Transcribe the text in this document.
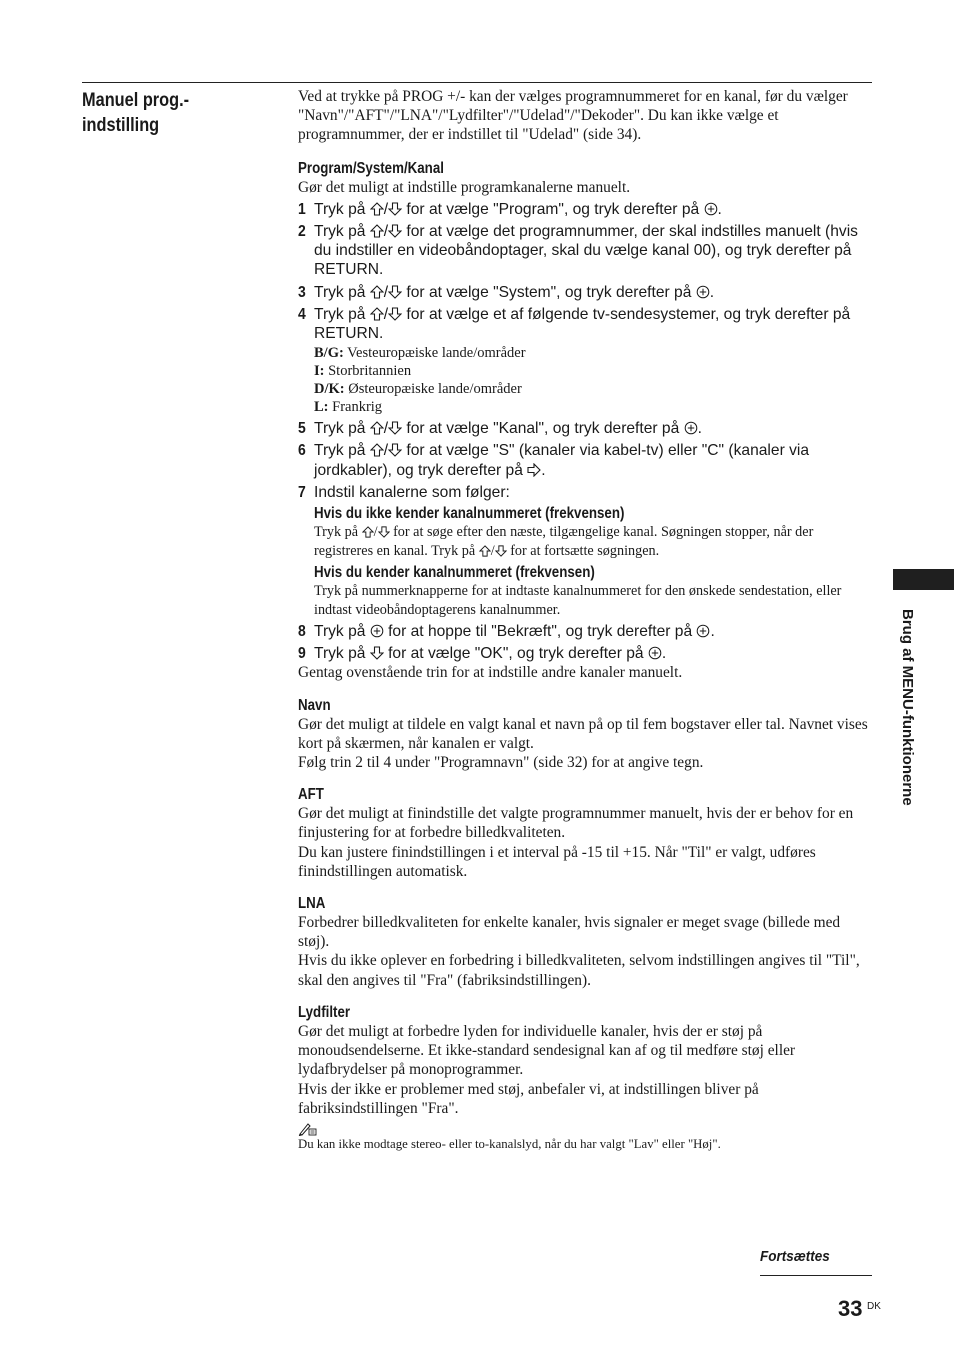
Manuel prog.-
indstilling

Ved at trykke på PROG +/- kan der vælges programnummeret for en kanal, før du vælger "Navn"/"AFT"/"LNA"/"Lydfilter"/"Udelad"/"Dekoder". Du kan ikke vælge et programnummer, der er indstillet til "Udelad" (side 34).

Program/System/Kanal

Gør det muligt at indstille programkanalerne manuelt.

1 Tryk på / for at vælge "Program", og tryk derefter på .
2 Tryk på / for at vælge det programnummer, der skal indstilles manuelt (hvis du indstiller en videobåndoptager, skal du vælge kanal 00), og tryk derefter på RETURN.
3 Tryk på / for at vælge "System", og tryk derefter på .
4 Tryk på / for at vælge et af følgende tv-sendesystemer, og tryk derefter på RETURN.

B/G: Vesteuropæiske lande/områder

I: Storbritannien

D/K: Østeuropæiske lande/områder

L: Frankrig

5 Tryk på / for at vælge "Kanal", og tryk derefter på .
6 Tryk på / for at vælge "S" (kanaler via kabel-tv) eller "C" (kanaler via jordkabler), og tryk derefter på .
7 Indstil kanalerne som følger:
Hvis du ikke kender kanalnummeret (frekvensen)

Tryk på / for at søge efter den næste, tilgængelige kanal. Søgningen stopper, når der registreres en kanal. Tryk på / for at fortsætte søgningen.

Hvis du kender kanalnummeret (frekvensen)

Tryk på nummerknapperne for at indtaste kanalnummeret for den ønskede sendestation, eller indtast videobåndoptagerens kanalnummer.

8 Tryk på  for at hoppe til "Bekræft", og tryk derefter på .
9 Tryk på  for at vælge "OK", og tryk derefter på .

Gentag ovenstående trin for at indstille andre kanaler manuelt.

Navn

Gør det muligt at tildele en valgt kanal et navn på op til fem bogstaver eller tal. Navnet vises kort på skærmen, når kanalen er valgt.

Følg trin 2 til 4 under "Programnavn" (side 32) for at angive tegn.

AFT

Gør det muligt at finindstille det valgte programnummer manuelt, hvis der er behov for en finjustering for at forbedre billedkvaliteten.

Du kan justere finindstillingen i et interval på -15 til +15. Når "Til" er valgt, udføres finindstillingen automatisk.

LNA

Forbedrer billedkvaliteten for enkelte kanaler, hvis signaler er meget svage (billede med støj).

Hvis du ikke oplever en forbedring i billedkvaliteten, selvom indstillingen angives til "Til", skal den angives til "Fra" (fabriksindstillingen).

Lydfilter

Gør det muligt at forbedre lyden for individuelle kanaler, hvis der er støj på monoudsendelserne. Et ikke-standard sendesignal kan af og til medføre støj eller lydafbrydelser på monoprogrammer.

Hvis der ikke er problemer med støj, anbefaler vi, at indstillingen bliver på fabriksindstillingen "Fra".

Du kan ikke modtage stereo- eller to-kanalslyd, når du har valgt "Lav" eller "Høj".

Brug af MENU-funktionerne
Fortsættes
33 DK
